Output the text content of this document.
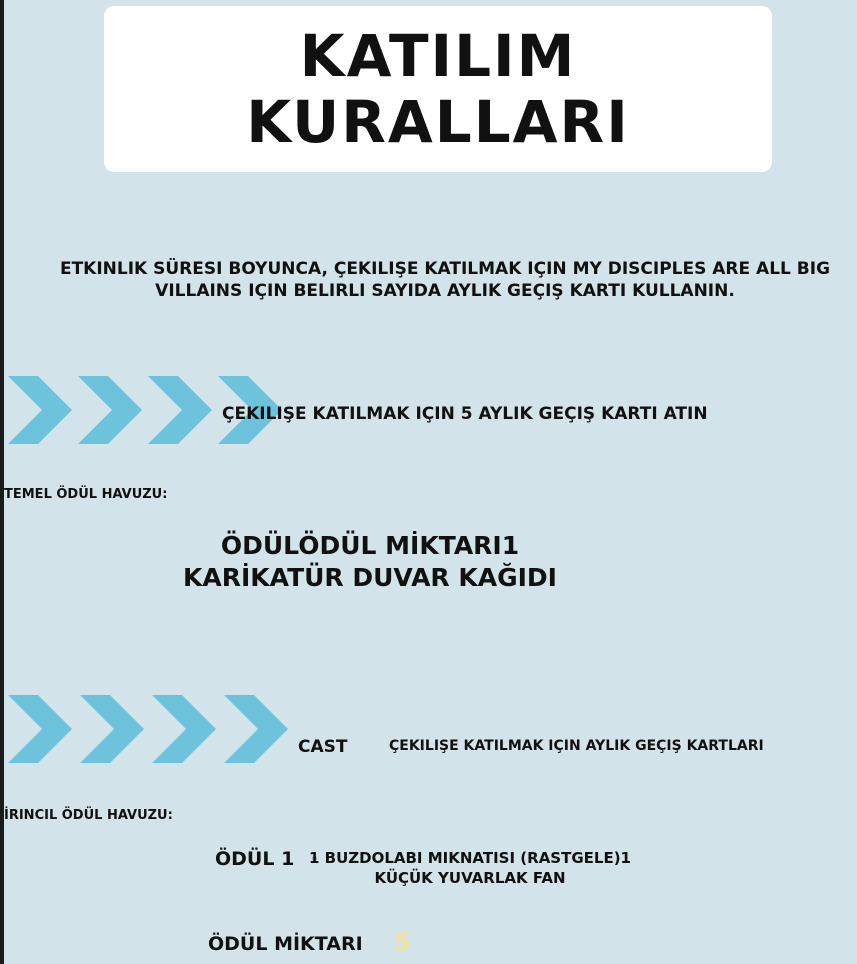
KATILIM
KURALLARI
ETKINLIK SÜRESI BOYUNCA, ÇEKILIŞE KATILMAK IÇIN MY DISCIPLES ARE ALL BIG VILLAINS IÇIN BELIRLI SAYIDA AYLIK GEÇIŞ KARTI KULLANIN.
ÇEKILIŞE KATILMAK IÇIN 5 AYLIK GEÇIŞ KARTI ATIN
TEMEL ÖDÜL HAVUZU:
ÖDÜLÖDÜL MİKTARI1
KARİKATÜR DUVAR KAĞIDI
CAST	ÇEKILIŞE KATILMAK IÇIN AYLIK GEÇIŞ KARTLARI
İRINCIL ÖDÜL HAVUZU:
ÖDÜL 1 1 BUZDOLABI MIKNATISI (RASTGELE)1 KÜÇÜK YUVARLAK FAN
ÖDÜL MİKTARI 5
